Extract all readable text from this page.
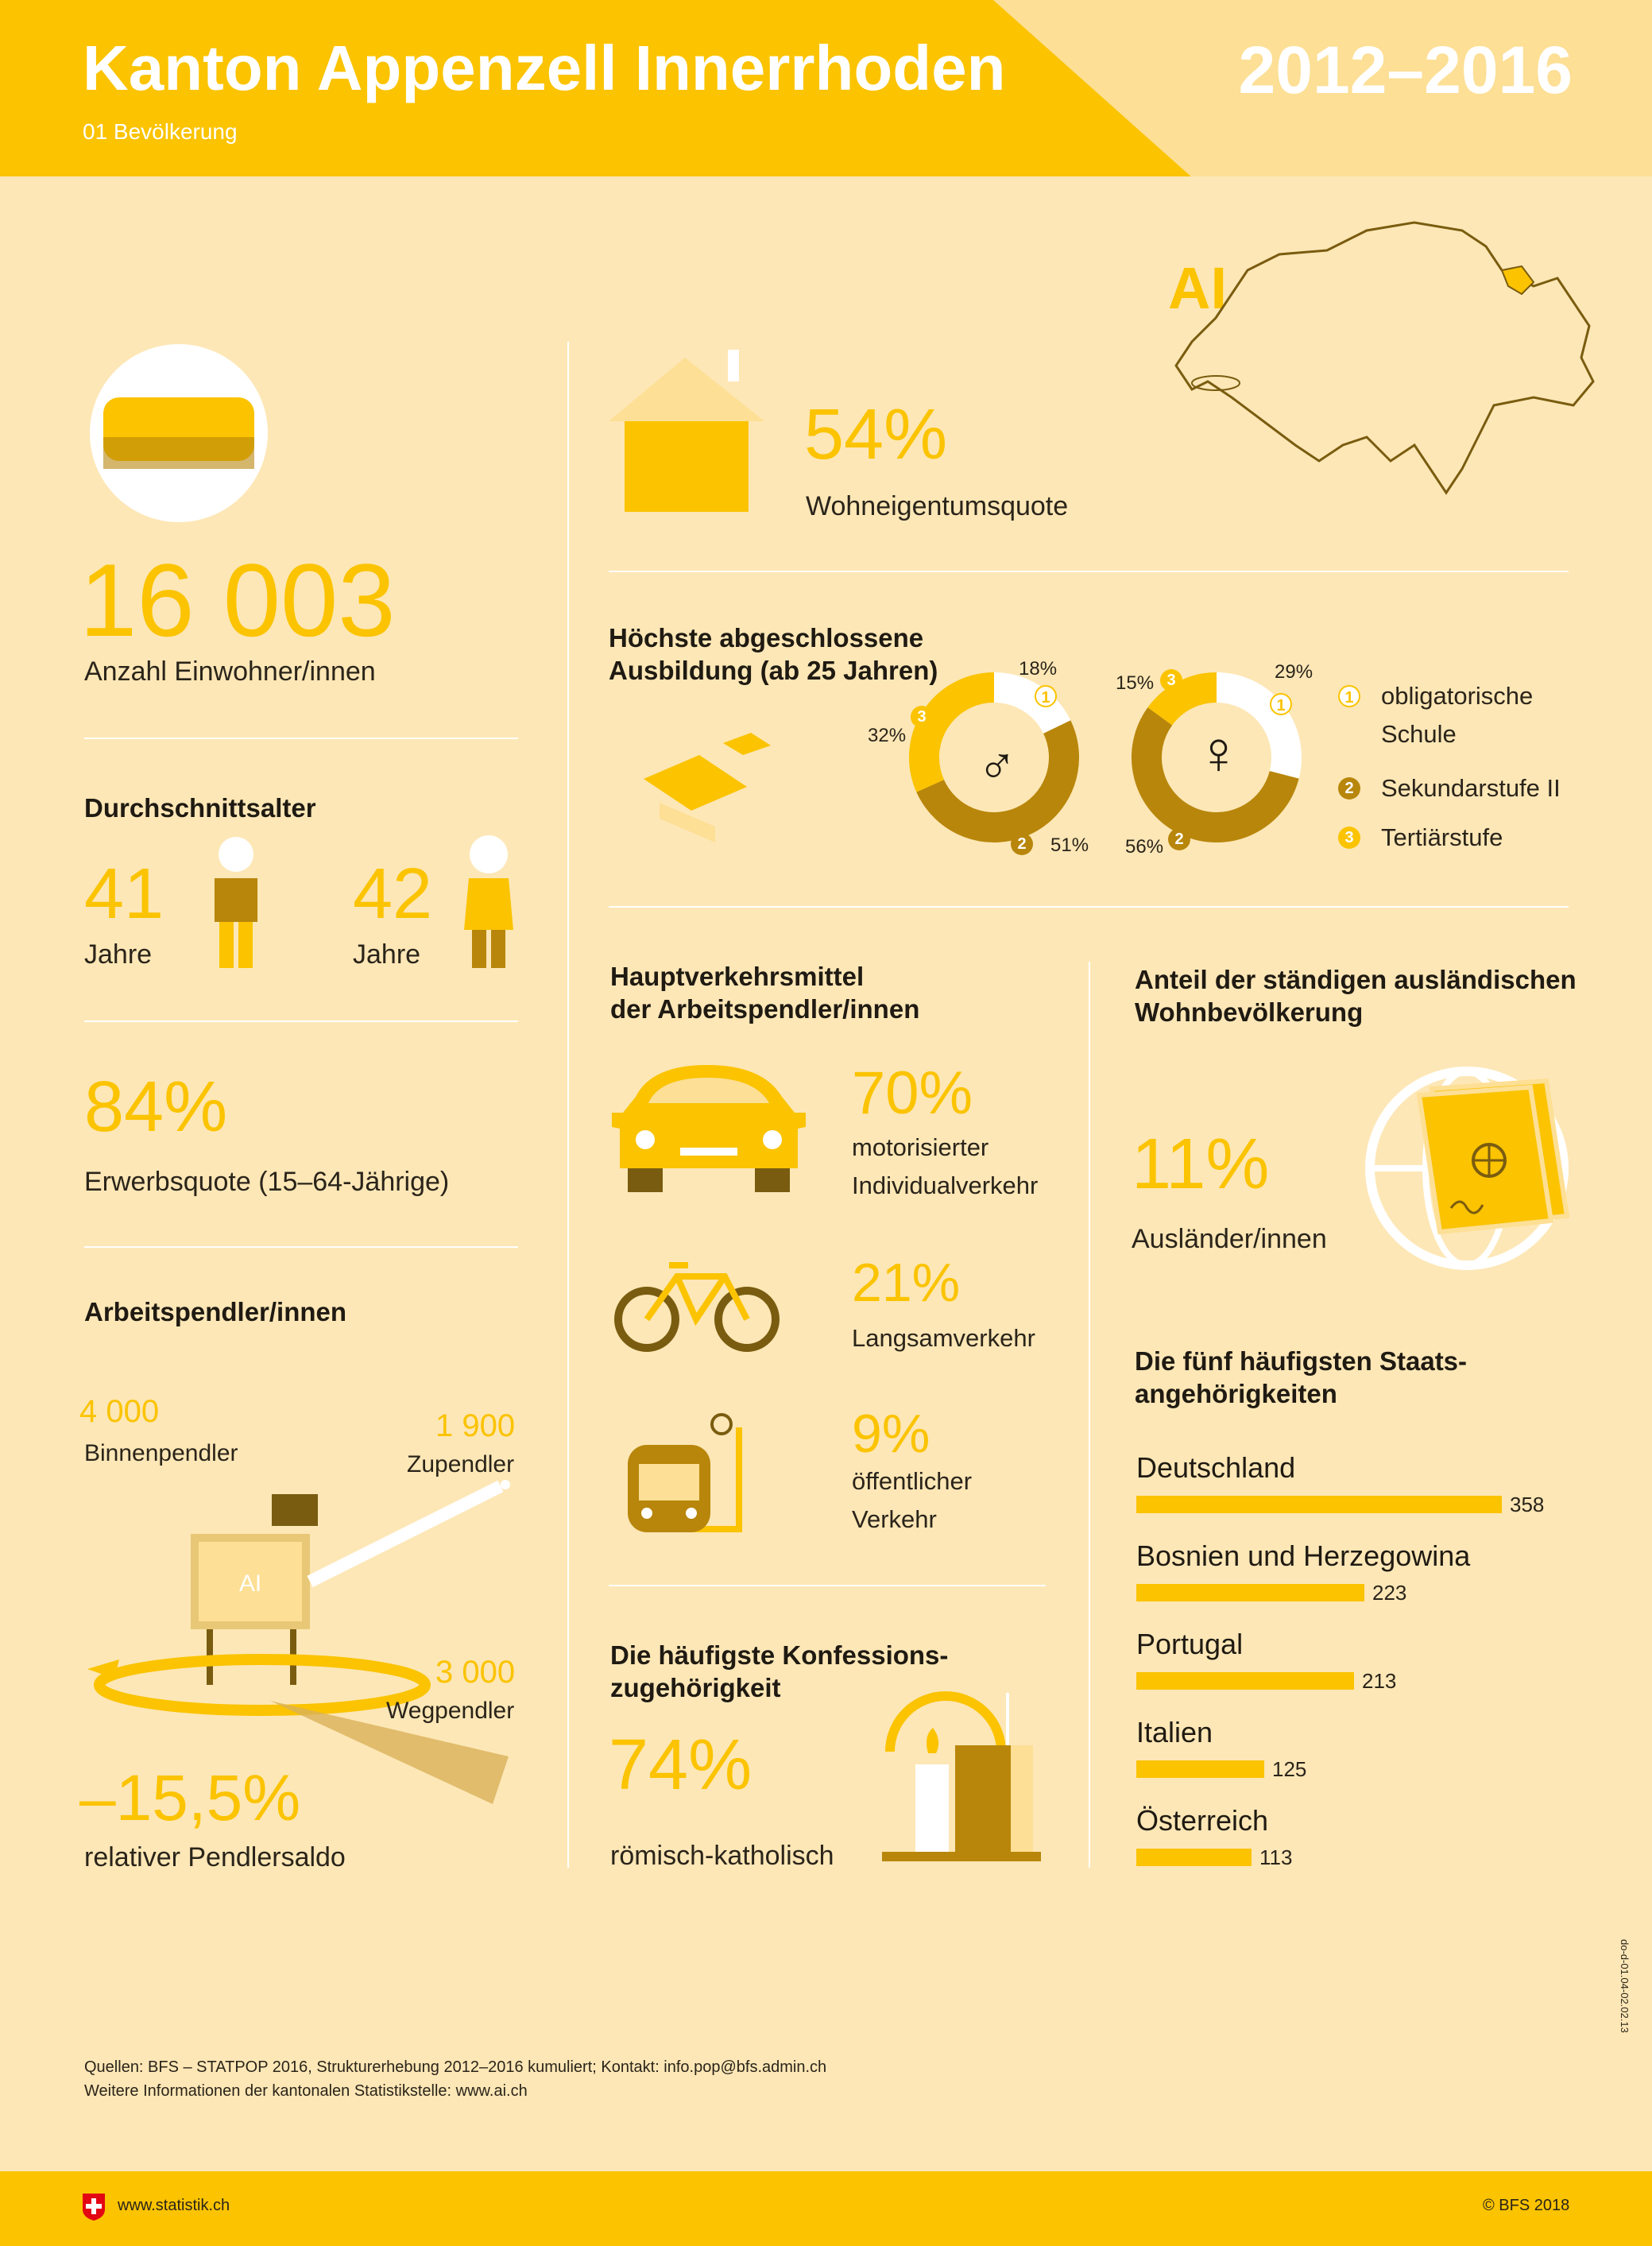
Kanton Appenzell Innerrhoden
01 Bevölkerung
2012–2016
AI
16 003
Anzahl Einwohner/innen
Durchschnittsalter
41
Jahre
42
Jahre
84%
Erwerbsquote (15–64-Jährige)
Arbeitspendler/innen
4 000
Binnenpendler
1 900
Zupendler
AI
3 000
Wegpendler
–15,5%
relativer Pendlersaldo
54%
Wohneigentumsquote
Höchste abgeschlossene
Ausbildung (ab 25 Jahren)
♂	♀
18%
51%
32%
29%
56%
15%
1
2
3
1
2
3
1 obligatorische
Schule
2 Sekundarstufe II
3 Tertiärstufe
Hauptverkehrsmittel
der Arbeitspendler/innen
70%
motorisierter
Individualverkehr
21%
Langsamverkehr
9%
öffentlicher
Verkehr
Die häufigste Konfessions-
zugehörigkeit
74%
römisch-katholisch
Anteil der ständigen ausländischen
Wohnbevölkerung
11%
Ausländer/innen
Die fünf häufigsten Staats-
angehörigkeiten
Deutschland
358
Bosnien und Herzegowina
223
Portugal
213
Italien
125
Österreich
113
Quellen: BFS – STATPOP 2016, Strukturerhebung 2012–2016 kumuliert; Kontakt: info.pop@bfs.admin.ch
Weitere Informationen der kantonalen Statistikstelle: www.ai.ch
do-d-01.04-02.02.13
www.statistik.ch	© BFS 2018
